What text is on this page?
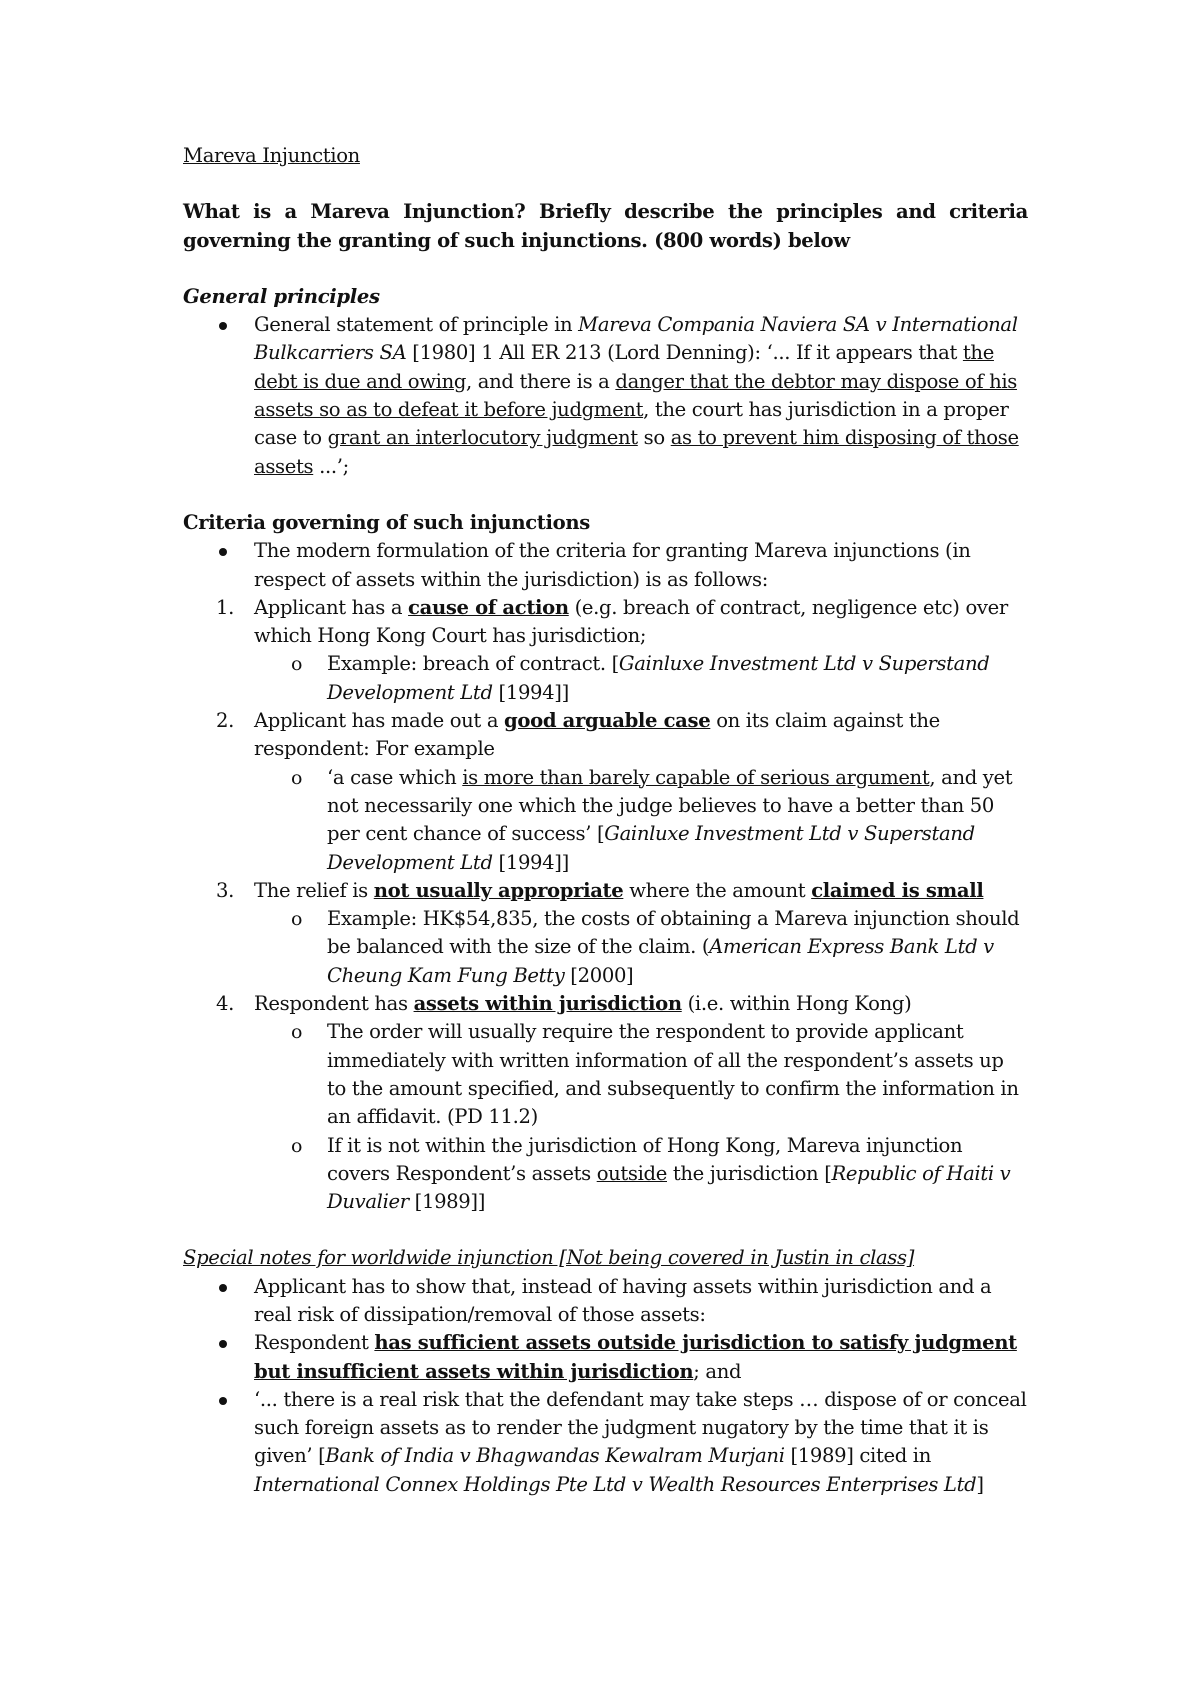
Mareva Injunction
What is a Mareva Injunction? Briefly describe the principles and criteria governing the granting of such injunctions. (800 words) below
General principles
General statement of principle in Mareva Compania Naviera SA v International Bulkcarriers SA [1980] 1 All ER 213 (Lord Denning): ‘... If it appears that the debt is due and owing, and there is a danger that the debtor may dispose of his assets so as to defeat it before judgment, the court has jurisdiction in a proper case to grant an interlocutory judgment so as to prevent him disposing of those assets ...’;
Criteria governing of such injunctions
The modern formulation of the criteria for granting Mareva injunctions (in respect of assets within the jurisdiction) is as follows:
1. Applicant has a cause of action (e.g. breach of contract, negligence etc) over which Hong Kong Court has jurisdiction;
o Example: breach of contract. [Gainluxe Investment Ltd v Superstand Development Ltd [1994]]
2. Applicant has made out a good arguable case on its claim against the respondent: For example
o ‘a case which is more than barely capable of serious argument, and yet not necessarily one which the judge believes to have a better than 50 per cent chance of success’ [Gainluxe Investment Ltd v Superstand Development Ltd [1994]]
3. The relief is not usually appropriate where the amount claimed is small
o Example: HK$54,835, the costs of obtaining a Mareva injunction should be balanced with the size of the claim. (American Express Bank Ltd v Cheung Kam Fung Betty [2000]
4. Respondent has assets within jurisdiction (i.e. within Hong Kong)
o The order will usually require the respondent to provide applicant immediately with written information of all the respondent’s assets up to the amount specified, and subsequently to confirm the information in an affidavit. (PD 11.2)
o If it is not within the jurisdiction of Hong Kong, Mareva injunction covers Respondent’s assets outside the jurisdiction [Republic of Haiti v Duvalier [1989]]
Special notes for worldwide injunction [Not being covered in Justin in class]
Applicant has to show that, instead of having assets within jurisdiction and a real risk of dissipation/removal of those assets:
Respondent has sufficient assets outside jurisdiction to satisfy judgment but insufficient assets within jurisdiction; and
‘... there is a real risk that the defendant may take steps … dispose of or conceal such foreign assets as to render the judgment nugatory by the time that it is given’ [Bank of India v Bhagwandas Kewalram Murjani [1989] cited in International Connex Holdings Pte Ltd v Wealth Resources Enterprises Ltd]
